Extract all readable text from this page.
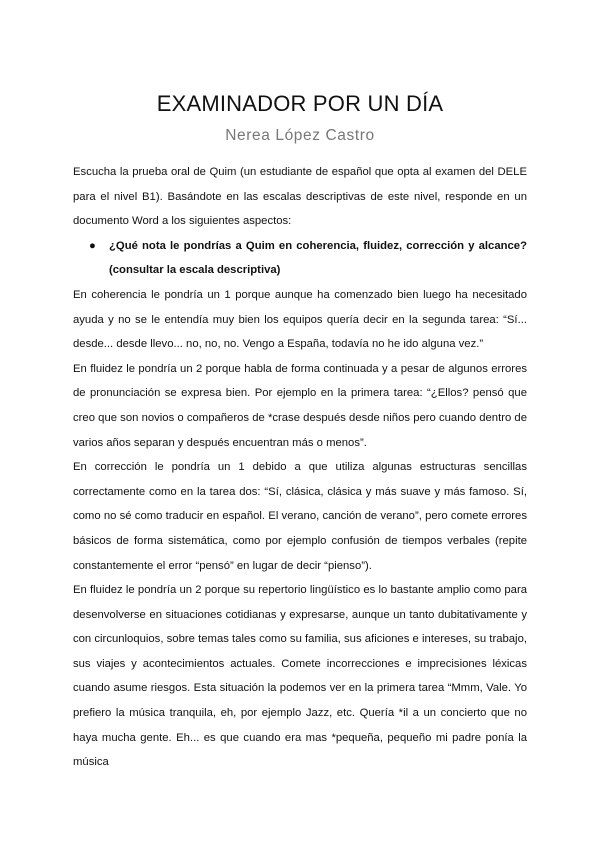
EXAMINADOR POR UN DÍA
Nerea López Castro

Escucha la prueba oral de Quim (un estudiante de español que opta al examen del DELE para el nivel B1). Basándote en las escalas descriptivas de este nivel, responde en un documento Word a los siguientes aspectos:

● ¿Qué nota le pondrías a Quim en coherencia, fluidez, corrección y alcance? (consultar la escala descriptiva)

En coherencia le pondría un 1 porque aunque ha comenzado bien luego ha necesitado ayuda y no se le entendía muy bien los equipos quería decir en la segunda tarea: “Sí... desde... desde llevo... no, no, no. Vengo a España, todavía no he ido alguna vez.”

En fluidez le pondría un 2 porque habla de forma continuada y a pesar de algunos errores de pronunciación se expresa bien. Por ejemplo en la primera tarea: “¿Ellos? pensó que creo que son novios o compañeros de *crase después desde niños pero cuando dentro de varios años separan y después encuentran más o menos”.

En corrección le pondría un 1 debido a que utiliza algunas estructuras sencillas correctamente como en la tarea dos: “Sí, clásica, clásica y más suave y más famoso. Sí, como no sé como traducir en español. El verano, canción de verano”, pero comete errores básicos de forma sistemática, como por ejemplo confusión de tiempos verbales (repite constantemente el error “pensó” en lugar de decir “pienso”).

En fluidez le pondría un 2 porque su repertorio lingüístico es lo bastante amplio como para desenvolverse en situaciones cotidianas y expresarse, aunque un tanto dubitativamente y con circunloquios, sobre temas tales como su familia, sus aficiones e intereses, su trabajo, sus viajes y acontecimientos actuales. Comete incorrecciones e imprecisiones léxicas cuando asume riesgos. Esta situación la podemos ver en la primera tarea “Mmm, Vale. Yo prefiero la música tranquila, eh, por ejemplo Jazz, etc. Quería *il a un concierto que no haya mucha gente. Eh... es que cuando era mas *pequeña, pequeño mi padre ponía la música
